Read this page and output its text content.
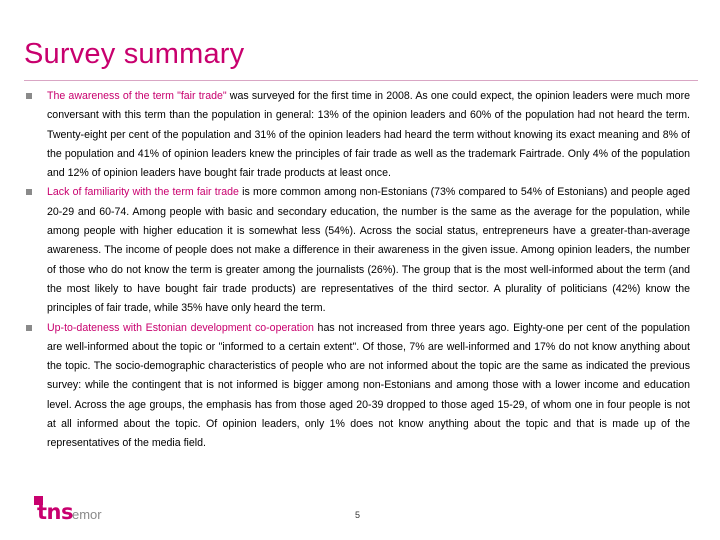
Survey summary
The awareness of the term "fair trade" was surveyed for the first time in 2008. As one could expect, the opinion leaders were much more conversant with this term than the population in general: 13% of the opinion leaders and 60% of the population had not heard the term. Twenty-eight per cent of the population and 31% of the opinion leaders had heard the term without knowing its exact meaning and 8% of the population and 41% of opinion leaders knew the principles of fair trade as well as the trademark Fairtrade. Only 4% of the population and 12% of opinion leaders have bought fair trade products at least once.
Lack of familiarity with the term fair trade is more common among non-Estonians (73% compared to 54% of Estonians) and people aged 20-29 and 60-74. Among people with basic and secondary education, the number is the same as the average for the population, while among people with higher education it is somewhat less (54%). Across the social status, entrepreneurs have a greater-than-average awareness. The income of people does not make a difference in their awareness in the given issue. Among opinion leaders, the number of those who do not know the term is greater among the journalists (26%). The group that is the most well-informed about the term (and the most likely to have bought fair trade products) are representatives of the third sector. A plurality of politicians (42%) know the principles of fair trade, while 35% have only heard the term.
Up-to-dateness with Estonian development co-operation has not increased from three years ago. Eighty-one per cent of the population are well-informed about the topic or "informed to a certain extent". Of those, 7% are well-informed and 17% do not know anything about the topic. The socio-demographic characteristics of people who are not informed about the topic are the same as indicated the previous survey: while the contingent that is not informed is bigger among non-Estonians and among those with a lower income and education level. Across the age groups, the emphasis has from those aged 20-39 dropped to those aged 15-29, of whom one in four people is not at all informed about the topic. Of opinion leaders, only 1% does not know anything about the topic and that is made up of the representatives of the media field.
tns emor	5
